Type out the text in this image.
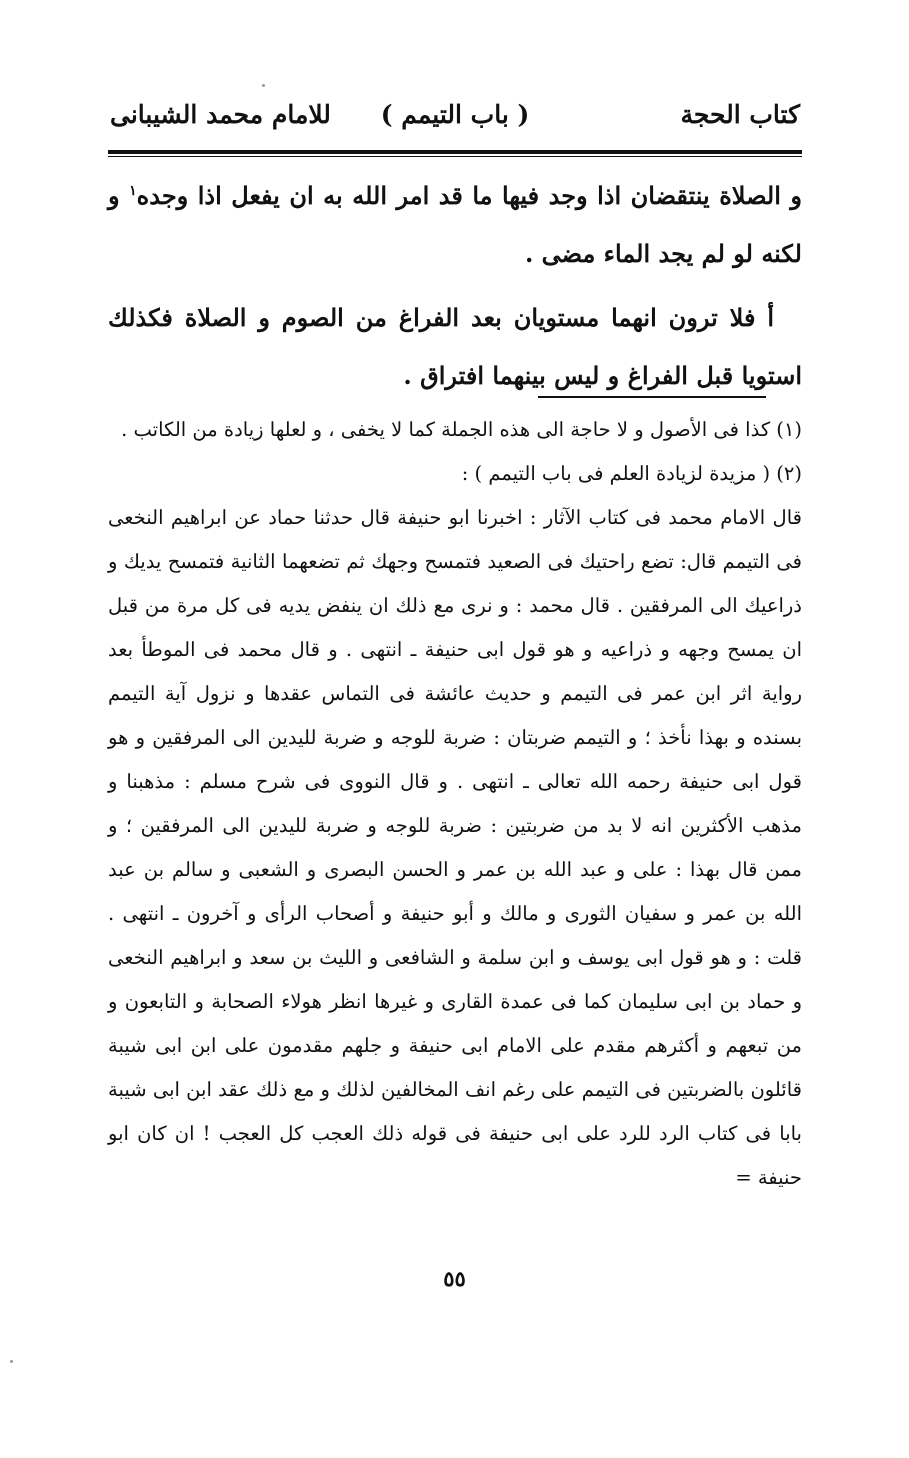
كتاب الحجة
( باب التيمم )
للامام محمد الشيبانى

و الصلاة ينتقضان اذا وجد فيها ما قد امر الله به ان يفعل اذا وجده$^١$ و لكنه لو لم يجد الماء مضى .

أ فلا ترون انهما مستويان بعد الفراغ من الصوم و الصلاة فكذلك استويا قبل الفراغ و ليس بينهما افتراق .

(١) كذا فى الأصول و لا حاجة الى هذه الجملة كما لا يخفى ، و لعلها زيادة من الكاتب .

(٢) ( مزيدة لزيادة العلم فى باب التيمم ) :

قال الامام محمد فى كتاب الآثار : اخبرنا ابو حنيفة قال حدثنا حماد عن ابراهيم النخعى فى التيمم قال: تضع راحتيك فى الصعيد فتمسح وجهك ثم تضعهما الثانية فتمسح يديك و ذراعيك الى المرفقين . قال محمد : و نرى مع ذلك ان ينفض يديه فى كل مرة من قبل ان يمسح وجهه و ذراعيه و هو قول ابى حنيفة ـ انتهى . و قال محمد فى الموطأ بعد رواية اثر ابن عمر فى التيمم و حديث عائشة فى التماس عقدها و نزول آية التيمم بسنده و بهذا نأخذ ؛ و التيمم ضربتان : ضربة للوجه و ضربة لليدين الى المرفقين و هو قول ابى حنيفة رحمه الله تعالى ـ انتهى . و قال النووى فى شرح مسلم : مذهبنا و مذهب الأكثرين انه لا بد من ضربتين : ضربة للوجه و ضربة لليدين الى المرفقين ؛ و ممن قال بهذا : على و عبد الله بن عمر و الحسن البصرى و الشعبى و سالم بن عبد الله بن عمر و سفيان الثورى و مالك و أبو حنيفة و أصحاب الرأى و آخرون ـ انتهى . قلت : و هو قول ابى يوسف و ابن سلمة و الشافعى و الليث بن سعد و ابراهيم النخعى و حماد بن ابى سليمان كما فى عمدة القارى و غيرها انظر هولاء الصحابة و التابعون و من تبعهم و أكثرهم مقدم على الامام ابى حنيفة و جلهم مقدمون على ابن ابى شيبة قائلون بالضربتين فى التيمم على رغم انف المخالفين لذلك و مع ذلك عقد ابن ابى شيبة بابا فى كتاب الرد للرد على ابى حنيفة فى قوله ذلك العجب كل العجب ! ان كان ابو حنيفة =

٥٥
